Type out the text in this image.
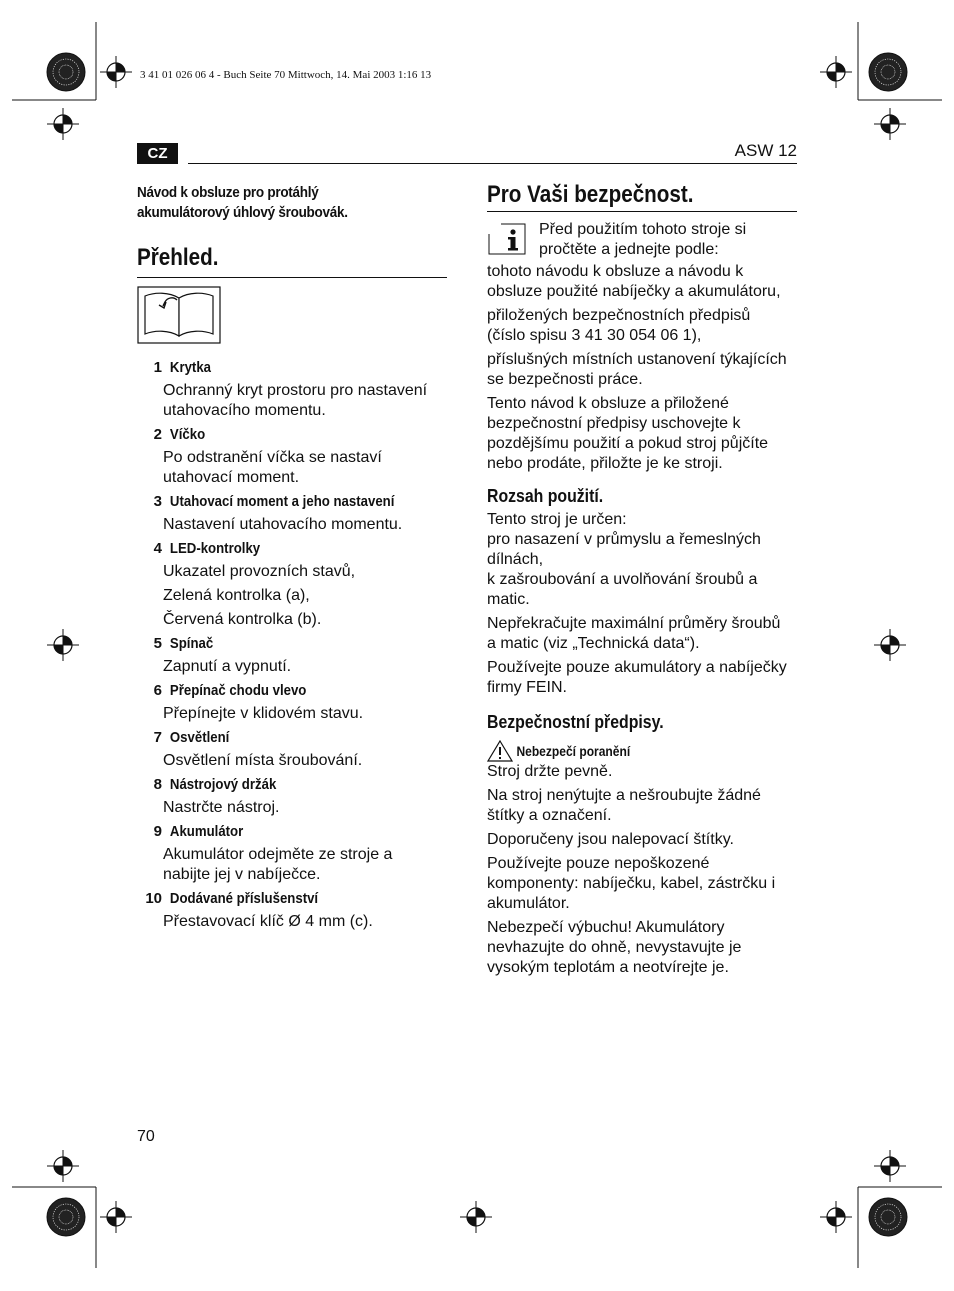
3 41 01 026 06 4 - Buch Seite 70 Mittwoch, 14. Mai 2003 1:16 13
CZ	ASW 12
Návod k obsluze pro protáhlý
akumulátorový úhlový šroubovák.
Přehled.
1 Krytka
Ochranný kryt prostoru pro nastavení
utahovacího momentu.
2 Víčko
Po odstranění víčka se nastaví
utahovací moment.
3 Utahovací moment a jeho nastavení
Nastavení utahovacího momentu.
4 LED-kontrolky
Ukazatel provozních stavů,
Zelená kontrolka (a),
Červená kontrolka (b).
5 Spínač
Zapnutí a vypnutí.
6 Přepínač chodu vlevo
Přepínejte v klidovém stavu.
7 Osvětlení
Osvětlení místa šroubování.
8 Nástrojový držák
Nastrčte nástroj.
9 Akumulátor
Akumulátor odejměte ze stroje a
nabijte jej v nabíječce.
10 Dodávané příslušenství
Přestavovací klíč Ø 4 mm (c).
Pro Vaši bezpečnost.
Před použitím tohoto stroje si
pročtěte a jednejte podle:
tohoto návodu k obsluze a návodu k
obsluze použité nabíječky a akumulátoru,
přiložených bezpečnostních předpisů
(číslo spisu 3 41 30 054 06 1),
příslušných místních ustanovení týkajících
se bezpečnosti práce.
Tento návod k obsluze a přiložené
bezpečnostní předpisy uschovejte k
pozdějšímu použití a pokud stroj půjčíte
nebo prodáte, přiložte je ke stroji.
Rozsah použití.
Tento stroj je určen:
pro nasazení v průmyslu a řemeslných
dílnách,
k zašroubování a uvolňování šroubů a
matic.
Nepřekračujte maximální průměry šroubů
a matic (viz „Technická data“).
Používejte pouze akumulátory a nabíječky
firmy FEIN.
Bezpečnostní předpisy.
Nebezpečí poranění
Stroj držte pevně.
Na stroj nenýtujte a nešroubujte žádné
štítky a označení.
Doporučeny jsou nalepovací štítky.
Používejte pouze nepoškozené
komponenty: nabíječku, kabel, zástrčku i
akumulátor.
Nebezpečí výbuchu! Akumulátory
nevhazujte do ohně, nevystavujte je
vysokým teplotám a neotvírejte je.
70
